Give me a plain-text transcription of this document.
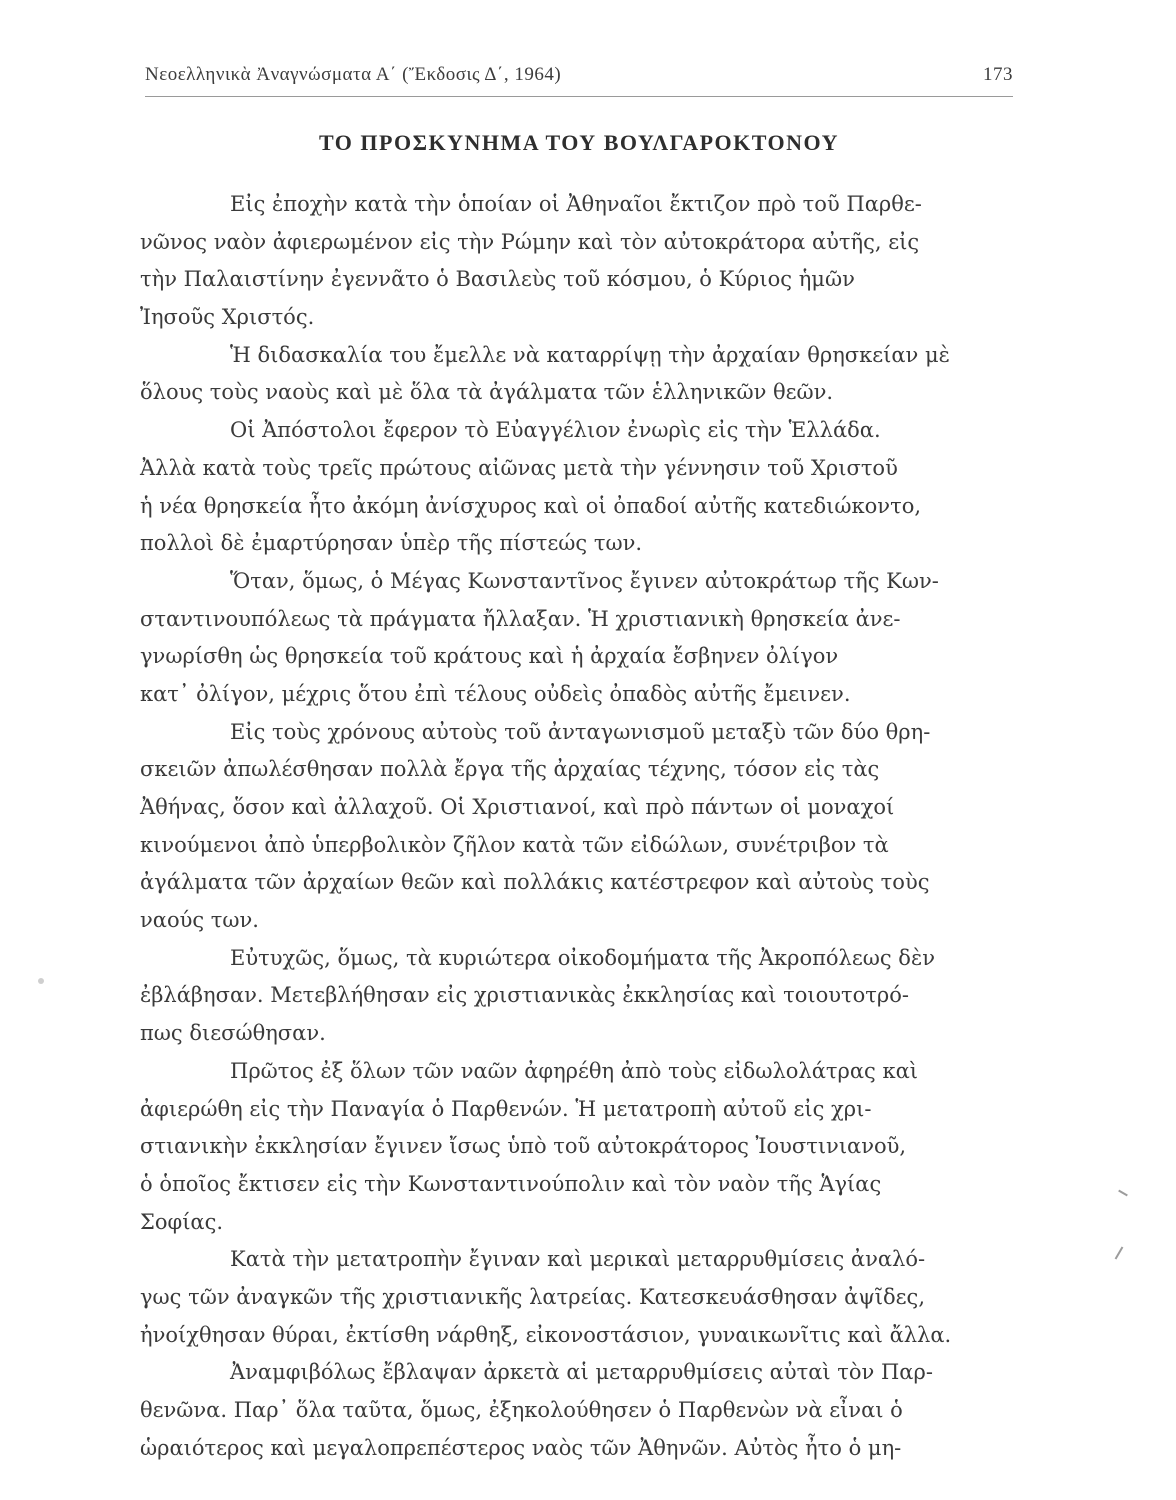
Νεοελληνικὰ Ἀναγνώσματα Α΄ (Ἔκδοσις Δ΄, 1964)	173
ΤΟ ΠΡΟΣΚΥΝΗΜΑ ΤΟΥ ΒΟΥΛΓΑΡΟΚΤΟΝΟΥ
Εἰς ἐποχὴν κατὰ τὴν ὁποίαν οἱ Ἀθηναῖοι ἔκτιζον πρὸ τοῦ Παρθε-
νῶνος ναὸν ἀφιερωμένον εἰς τὴν Ρώμην καὶ τὸν αὐτοκράτορα αὐτῆς, εἰς
τὴν Παλαιστίνην ἐγεννᾶτο ὁ Βασιλεὺς τοῦ κόσμου, ὁ Κύριος ἡμῶν
Ἰησοῦς Χριστός.
Ἡ διδασκαλία του ἔμελλε νὰ καταρρίψῃ τὴν ἀρχαίαν θρησκείαν μὲ
ὅλους τοὺς ναοὺς καὶ μὲ ὅλα τὰ ἀγάλματα τῶν ἑλληνικῶν θεῶν.
Οἱ Ἀπόστολοι ἔφερον τὸ Εὐαγγέλιον ἐνωρὶς εἰς τὴν Ἑλλάδα.
Ἀλλὰ κατὰ τοὺς τρεῖς πρώτους αἰῶνας μετὰ τὴν γέννησιν τοῦ Χριστοῦ
ἡ νέα θρησκεία ἦτο ἀκόμη ἀνίσχυρος καὶ οἱ ὀπαδοί αὐτῆς κατεδιώκοντο,
πολλοὶ δὲ ἐμαρτύρησαν ὑπὲρ τῆς πίστεώς των.
Ὅταν, ὅμως, ὁ Μέγας Κωνσταντῖνος ἔγινεν αὐτοκράτωρ τῆς Κων-
σταντινουπόλεως τὰ πράγματα ἤλλαξαν. Ἡ χριστιανικὴ θρησκεία ἀνε-
γνωρίσθη ὡς θρησκεία τοῦ κράτους καὶ ἡ ἀρχαία ἔσβηνεν ὀλίγον
κατ᾽ ὀλίγον, μέχρις ὅτου ἐπὶ τέλους οὐδεὶς ὀπαδὸς αὐτῆς ἔμεινεν.
Εἰς τοὺς χρόνους αὐτοὺς τοῦ ἀνταγωνισμοῦ μεταξὺ τῶν δύο θρη-
σκειῶν ἀπωλέσθησαν πολλὰ ἔργα τῆς ἀρχαίας τέχνης, τόσον εἰς τὰς
Ἀθήνας, ὅσον καὶ ἀλλαχοῦ. Οἱ Χριστιανοί, καὶ πρὸ πάντων οἱ μοναχοί
κινούμενοι ἀπὸ ὑπερβολικὸν ζῆλον κατὰ τῶν εἰδώλων, συνέτριβον τὰ
ἀγάλματα τῶν ἀρχαίων θεῶν καὶ πολλάκις κατέστρεφον καὶ αὐτοὺς τοὺς
ναούς των.
Εὐτυχῶς, ὅμως, τὰ κυριώτερα οἰκοδομήματα τῆς Ἀκροπόλεως δὲν
ἐβλάβησαν. Μετεβλήθησαν εἰς χριστιανικὰς ἐκκλησίας καὶ τοιουτοτρό-
πως διεσώθησαν.
Πρῶτος ἐξ ὅλων τῶν ναῶν ἀφηρέθη ἀπὸ τοὺς εἰδωλολάτρας καὶ
ἀφιερώθη εἰς τὴν Παναγία ὁ Παρθενών. Ἡ μετατροπὴ αὐτοῦ εἰς χρι-
στιανικὴν ἐκκλησίαν ἔγινεν ἴσως ὑπὸ τοῦ αὐτοκράτορος Ἰουστινιανοῦ,
ὁ ὁποῖος ἔκτισεν εἰς τὴν Κωνσταντινούπολιν καὶ τὸν ναὸν τῆς Ἁγίας
Σοφίας.
Κατὰ τὴν μετατροπὴν ἔγιναν καὶ μερικαὶ μεταρρυθμίσεις ἀναλό-
γως τῶν ἀναγκῶν τῆς χριστιανικῆς λατρείας. Κατεσκευάσθησαν ἀψῖδες,
ἠνοίχθησαν θύραι, ἐκτίσθη νάρθηξ, εἰκονοστάσιον, γυναικωνῖτις καὶ ἄλλα.
Ἀναμφιβόλως ἔβλαψαν ἀρκετὰ αἱ μεταρρυθμίσεις αὐταὶ τὸν Παρ-
θενῶνα. Παρ᾽ ὅλα ταῦτα, ὅμως, ἐξηκολούθησεν ὁ Παρθενὼν νὰ εἶναι ὁ
ὡραιότερος καὶ μεγαλοπρεπέστερος ναὸς τῶν Ἀθηνῶν. Αὐτὸς ἦτο ὁ μη-
